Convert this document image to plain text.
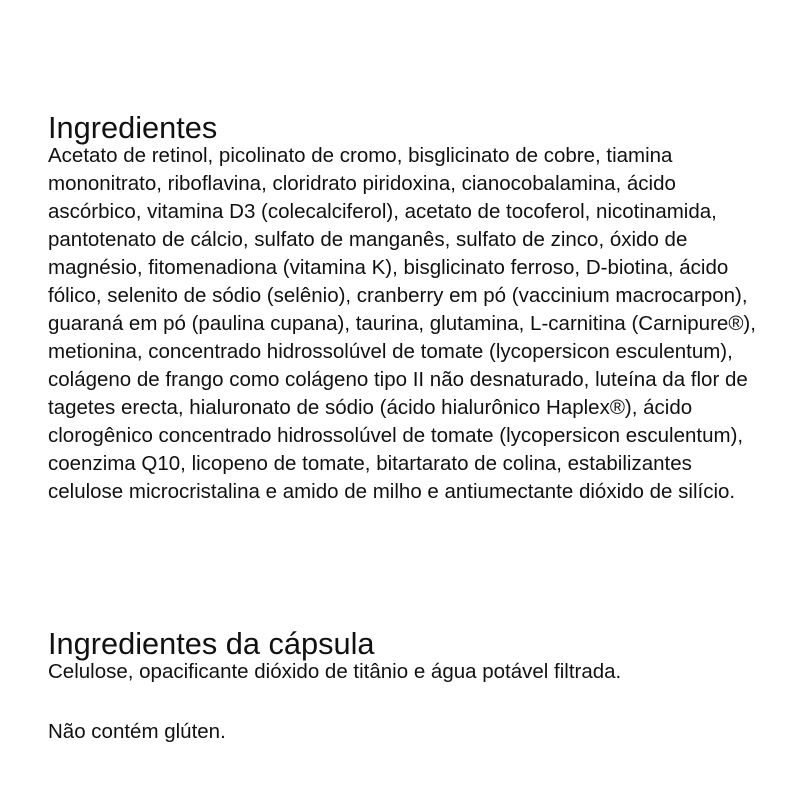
Ingredientes

Acetato de retinol, picolinato de cromo, bisglicinato de cobre, tiamina mononitrato, riboflavina, cloridrato piridoxina, cianocobalamina, ácido ascórbico, vitamina D3 (colecalciferol), acetato de tocoferol, nicotinamida, pantotenato de cálcio, sulfato de manganês, sulfato de zinco, óxido de magnésio, fitomenadiona (vitamina K), bisglicinato ferroso, D-biotina, ácido fólico, selenito de sódio (selênio), cranberry em pó (vaccinium macrocarpon), guaraná em pó (paulina cupana), taurina, glutamina, L-carnitina (Carnipure®), metionina, concentrado hidrossolúvel de tomate (lycopersicon esculentum), colágeno de frango como colágeno tipo II não desnaturado, luteína da flor de tagetes erecta, hialuronato de sódio (ácido hialurônico Haplex®), ácido clorogênico concentrado hidrossolúvel de tomate (lycopersicon esculentum), coenzima Q10, licopeno de tomate, bitartarato de colina, estabilizantes celulose microcristalina e amido de milho e antiumectante dióxido de silício.

Ingredientes da cápsula

Celulose, opacificante dióxido de titânio e água potável filtrada.

Não contém glúten.
